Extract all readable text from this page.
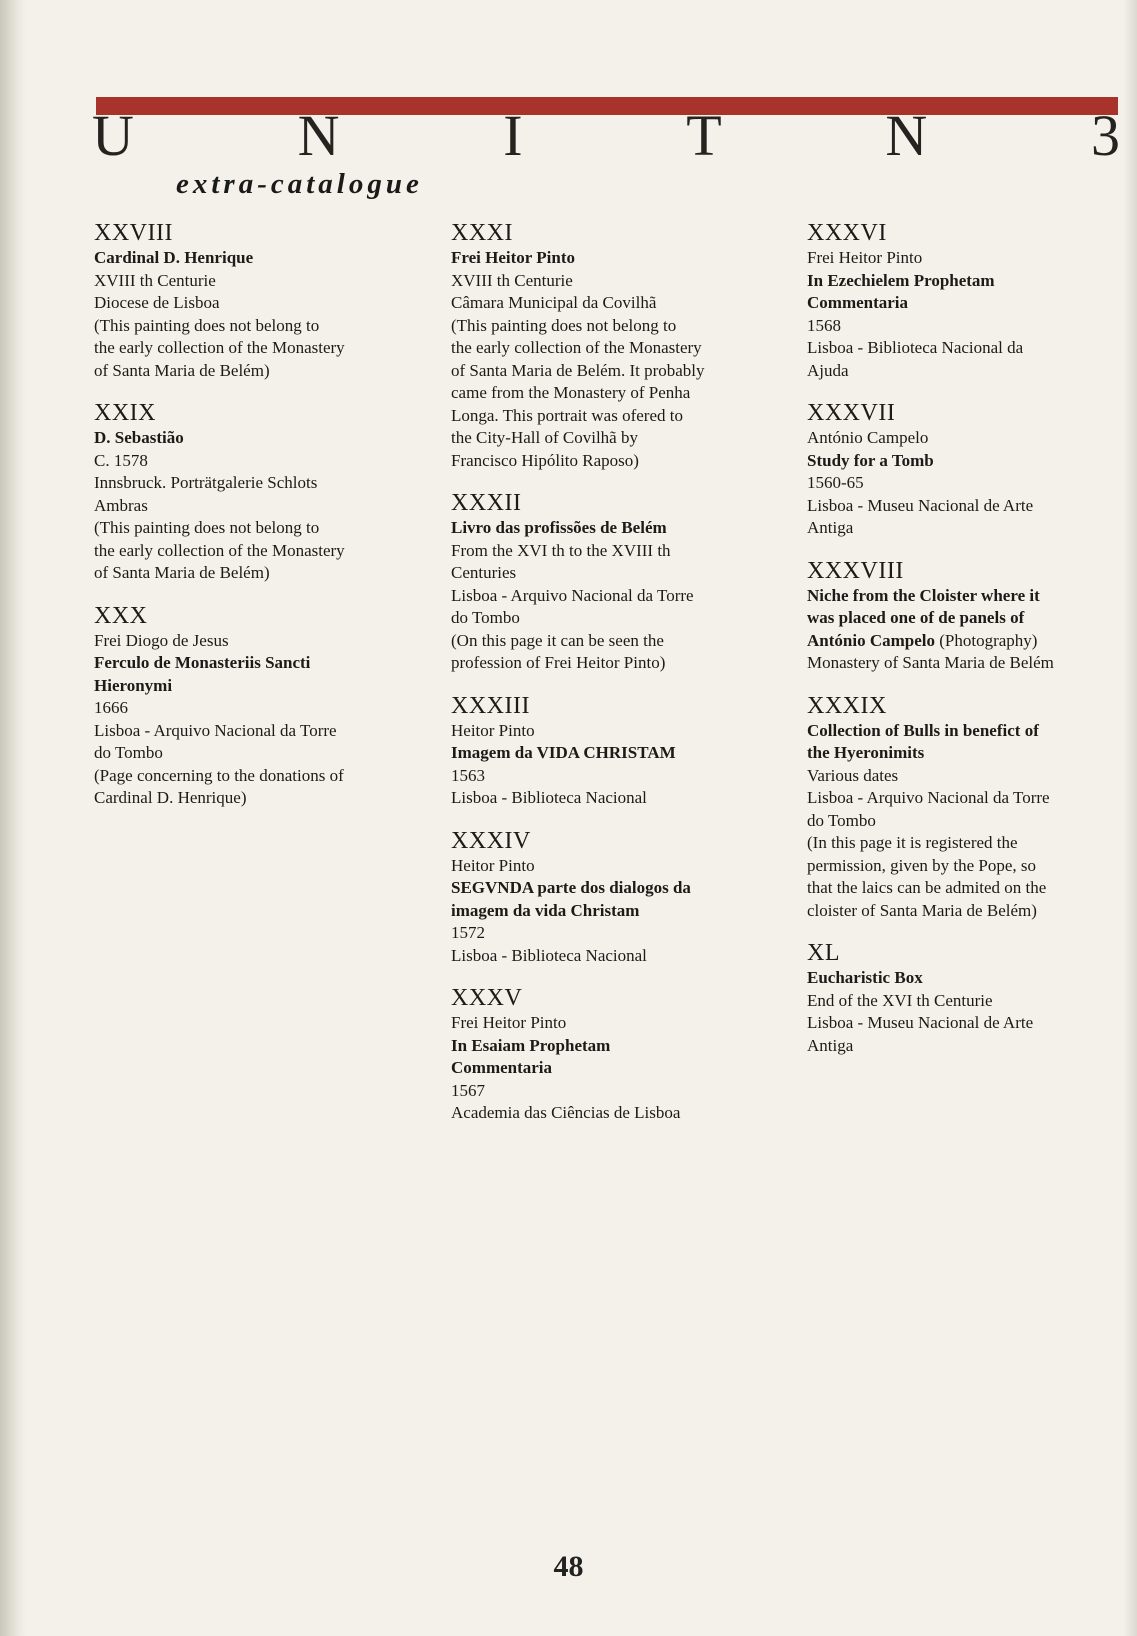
U	N	I	T	N	3
extra-catalogue
XXVIII
Cardinal D. Henrique
XVIII th Centurie
Diocese de Lisboa
(This painting does not belong to
the early collection of the Monastery
of Santa Maria de Belém)
XXIX
D. Sebastião
C. 1578
Innsbruck. Porträtgalerie Schlots
Ambras
(This painting does not belong to
the early collection of the Monastery
of Santa Maria de Belém)
XXX
Frei Diogo de Jesus
Ferculo de Monasteriis Sancti
Hieronymi
1666
Lisboa - Arquivo Nacional da Torre
do Tombo
(Page concerning to the donations of
Cardinal D. Henrique)
XXXI
Frei Heitor Pinto
XVIII th Centurie
Câmara Municipal da Covilhã
(This painting does not belong to
the early collection of the Monastery
of Santa Maria de Belém. It probably
came from the Monastery of Penha
Longa. This portrait was ofered to
the City-Hall of Covilhã by
Francisco Hipólito Raposo)
XXXII
Livro das profissões de Belém
From the XVI th to the XVIII th
Centuries
Lisboa - Arquivo Nacional da Torre
do Tombo
(On this page it can be seen the
profession of Frei Heitor Pinto)
XXXIII
Heitor Pinto
Imagem da VIDA CHRISTAM
1563
Lisboa - Biblioteca Nacional
XXXIV
Heitor Pinto
SEGVNDA parte dos dialogos da
imagem da vida Christam
1572
Lisboa - Biblioteca Nacional
XXXV
Frei Heitor Pinto
In Esaiam Prophetam
Commentaria
1567
Academia das Ciências de Lisboa
XXXVI
Frei Heitor Pinto
In Ezechielem Prophetam
Commentaria
1568
Lisboa - Biblioteca Nacional da
Ajuda
XXXVII
António Campelo
Study for a Tomb
1560-65
Lisboa - Museu Nacional de Arte
Antiga
XXXVIII
Niche from the Cloister where it
was placed one of de panels of
António Campelo (Photography)
Monastery of Santa Maria de Belém
XXXIX
Collection of Bulls in benefict of
the Hyeronimits
Various dates
Lisboa - Arquivo Nacional da Torre
do Tombo
(In this page it is registered the
permission, given by the Pope, so
that the laics can be admited on the
cloister of Santa Maria de Belém)
XL
Eucharistic Box
End of the XVI th Centurie
Lisboa - Museu Nacional de Arte
Antiga
48
